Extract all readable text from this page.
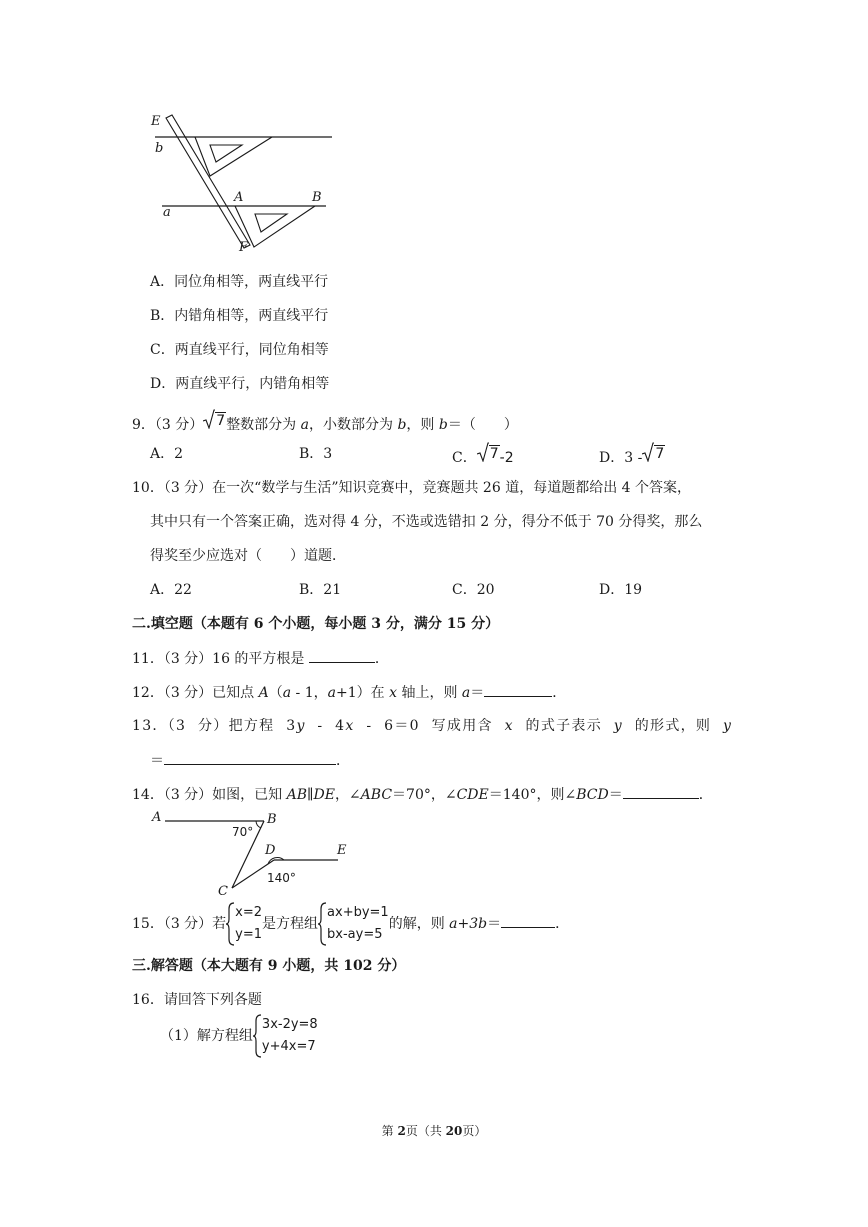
E
b
A	B
a
F
A．同位角相等，两直线平行
B．内错角相等，两直线平行
C．两直线平行，同位角相等
D．两直线平行，内错角相等
9．（3 分） 7 整数部分为 a，小数部分为 b，则 b＝（　　）
A．2	B．3	C． 7 -2	D．3 - 7
10．（3 分）在一次“数学与生活”知识竞赛中，竞赛题共 26 道，每道题都给出 4 个答案，
其中只有一个答案正确，选对得 4 分，不选或选错扣 2 分，得分不低于 70 分得奖，那么
得奖至少应选对（　　）道题．
A．22	B．21	C．20	D．19
二.填空题（本题有 6 个小题，每小题 3 分，满分 15 分）
11．（3 分）16 的平方根是	．
12．（3 分）已知点 A（a - 1，a+1）在 x 轴上，则 a＝	．
13．（3 分）把方程 3y - 4x - 6＝0 写成用含 x 的式子表示 y 的形式，则 y
＝	．
14．（3 分）如图，已知 AB∥DE，∠ABC＝70°，∠CDE＝140°，则∠BCD＝	．
A	B
70°
D	E
140°
C
15．（3 分）若
x=2
y=1
是方程组
ax+by=1
bx-ay=5
的解，则 a+3b＝	．
三.解答题（本大题有 9 小题，共 102 分）
16．请回答下列各题
（1）解方程组
3x-2y=8
y+4x=7
第 2页（共 20页）
